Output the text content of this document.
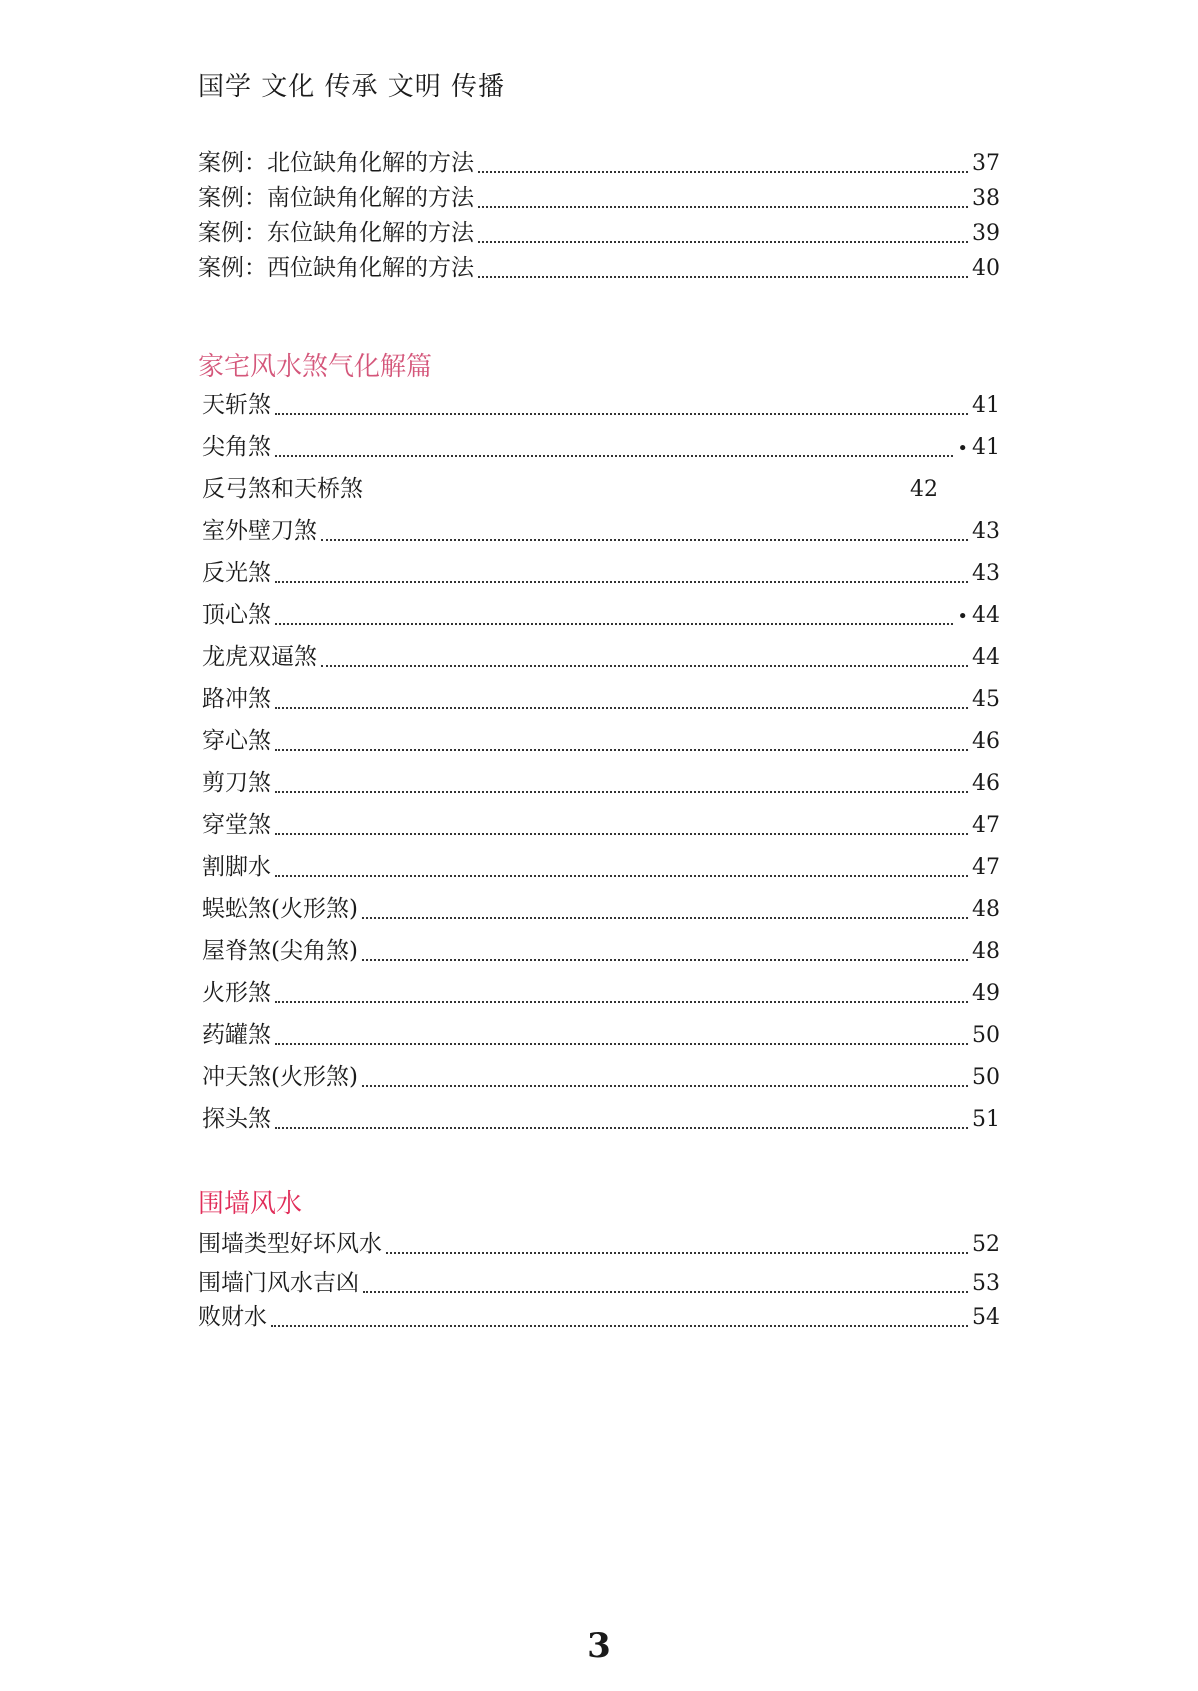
国学 文化 传承 文明 传播
案例：北位缺角化解的方法	37
案例：南位缺角化解的方法	38
案例：东位缺角化解的方法	39
案例：西位缺角化解的方法	40
家宅风水煞气化解篇
天斩煞	41
尖角煞	• 41
反弓煞和天桥煞	42
室外壁刀煞	43
反光煞	43
顶心煞	• 44
龙虎双逼煞	44
路冲煞	45
穿心煞	46
剪刀煞	46
穿堂煞	47
割脚水	47
蜈蚣煞(火形煞)	48
屋脊煞(尖角煞)	48
火形煞	49
药罐煞	50
冲天煞(火形煞)	50
探头煞	51
围墙风水
围墙类型好坏风水	52
围墙门风水吉凶	53
败财水	54
3
